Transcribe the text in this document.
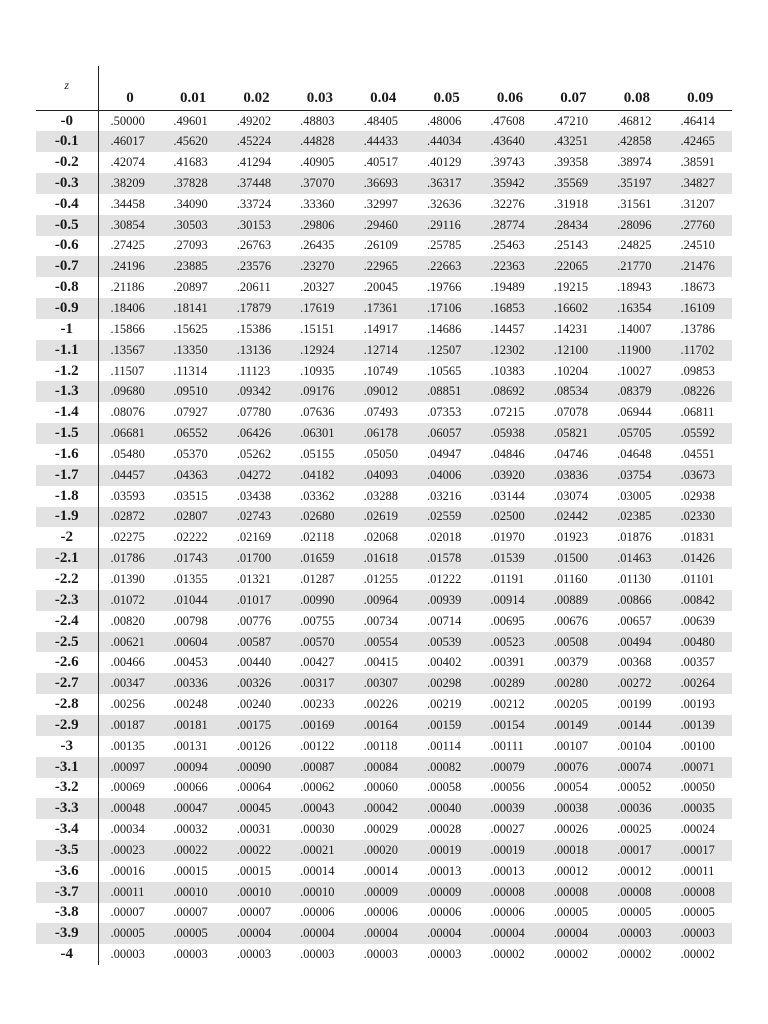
z	0	0.01	0.02	0.03	0.04	0.05	0.06	0.07	0.08	0.09
-0	.50000	.49601	.49202	.48803	.48405	.48006	.47608	.47210	.46812	.46414
-0.1	.46017	.45620	.45224	.44828	.44433	.44034	.43640	.43251	.42858	.42465
-0.2	.42074	.41683	.41294	.40905	.40517	.40129	.39743	.39358	.38974	.38591
-0.3	.38209	.37828	.37448	.37070	.36693	.36317	.35942	.35569	.35197	.34827
-0.4	.34458	.34090	.33724	.33360	.32997	.32636	.32276	.31918	.31561	.31207
-0.5	.30854	.30503	.30153	.29806	.29460	.29116	.28774	.28434	.28096	.27760
-0.6	.27425	.27093	.26763	.26435	.26109	.25785	.25463	.25143	.24825	.24510
-0.7	.24196	.23885	.23576	.23270	.22965	.22663	.22363	.22065	.21770	.21476
-0.8	.21186	.20897	.20611	.20327	.20045	.19766	.19489	.19215	.18943	.18673
-0.9	.18406	.18141	.17879	.17619	.17361	.17106	.16853	.16602	.16354	.16109
-1	.15866	.15625	.15386	.15151	.14917	.14686	.14457	.14231	.14007	.13786
-1.1	.13567	.13350	.13136	.12924	.12714	.12507	.12302	.12100	.11900	.11702
-1.2	.11507	.11314	.11123	.10935	.10749	.10565	.10383	.10204	.10027	.09853
-1.3	.09680	.09510	.09342	.09176	.09012	.08851	.08692	.08534	.08379	.08226
-1.4	.08076	.07927	.07780	.07636	.07493	.07353	.07215	.07078	.06944	.06811
-1.5	.06681	.06552	.06426	.06301	.06178	.06057	.05938	.05821	.05705	.05592
-1.6	.05480	.05370	.05262	.05155	.05050	.04947	.04846	.04746	.04648	.04551
-1.7	.04457	.04363	.04272	.04182	.04093	.04006	.03920	.03836	.03754	.03673
-1.8	.03593	.03515	.03438	.03362	.03288	.03216	.03144	.03074	.03005	.02938
-1.9	.02872	.02807	.02743	.02680	.02619	.02559	.02500	.02442	.02385	.02330
-2	.02275	.02222	.02169	.02118	.02068	.02018	.01970	.01923	.01876	.01831
-2.1	.01786	.01743	.01700	.01659	.01618	.01578	.01539	.01500	.01463	.01426
-2.2	.01390	.01355	.01321	.01287	.01255	.01222	.01191	.01160	.01130	.01101
-2.3	.01072	.01044	.01017	.00990	.00964	.00939	.00914	.00889	.00866	.00842
-2.4	.00820	.00798	.00776	.00755	.00734	.00714	.00695	.00676	.00657	.00639
-2.5	.00621	.00604	.00587	.00570	.00554	.00539	.00523	.00508	.00494	.00480
-2.6	.00466	.00453	.00440	.00427	.00415	.00402	.00391	.00379	.00368	.00357
-2.7	.00347	.00336	.00326	.00317	.00307	.00298	.00289	.00280	.00272	.00264
-2.8	.00256	.00248	.00240	.00233	.00226	.00219	.00212	.00205	.00199	.00193
-2.9	.00187	.00181	.00175	.00169	.00164	.00159	.00154	.00149	.00144	.00139
-3	.00135	.00131	.00126	.00122	.00118	.00114	.00111	.00107	.00104	.00100
-3.1	.00097	.00094	.00090	.00087	.00084	.00082	.00079	.00076	.00074	.00071
-3.2	.00069	.00066	.00064	.00062	.00060	.00058	.00056	.00054	.00052	.00050
-3.3	.00048	.00047	.00045	.00043	.00042	.00040	.00039	.00038	.00036	.00035
-3.4	.00034	.00032	.00031	.00030	.00029	.00028	.00027	.00026	.00025	.00024
-3.5	.00023	.00022	.00022	.00021	.00020	.00019	.00019	.00018	.00017	.00017
-3.6	.00016	.00015	.00015	.00014	.00014	.00013	.00013	.00012	.00012	.00011
-3.7	.00011	.00010	.00010	.00010	.00009	.00009	.00008	.00008	.00008	.00008
-3.8	.00007	.00007	.00007	.00006	.00006	.00006	.00006	.00005	.00005	.00005
-3.9	.00005	.00005	.00004	.00004	.00004	.00004	.00004	.00004	.00003	.00003
-4	.00003	.00003	.00003	.00003	.00003	.00003	.00002	.00002	.00002	.00002
